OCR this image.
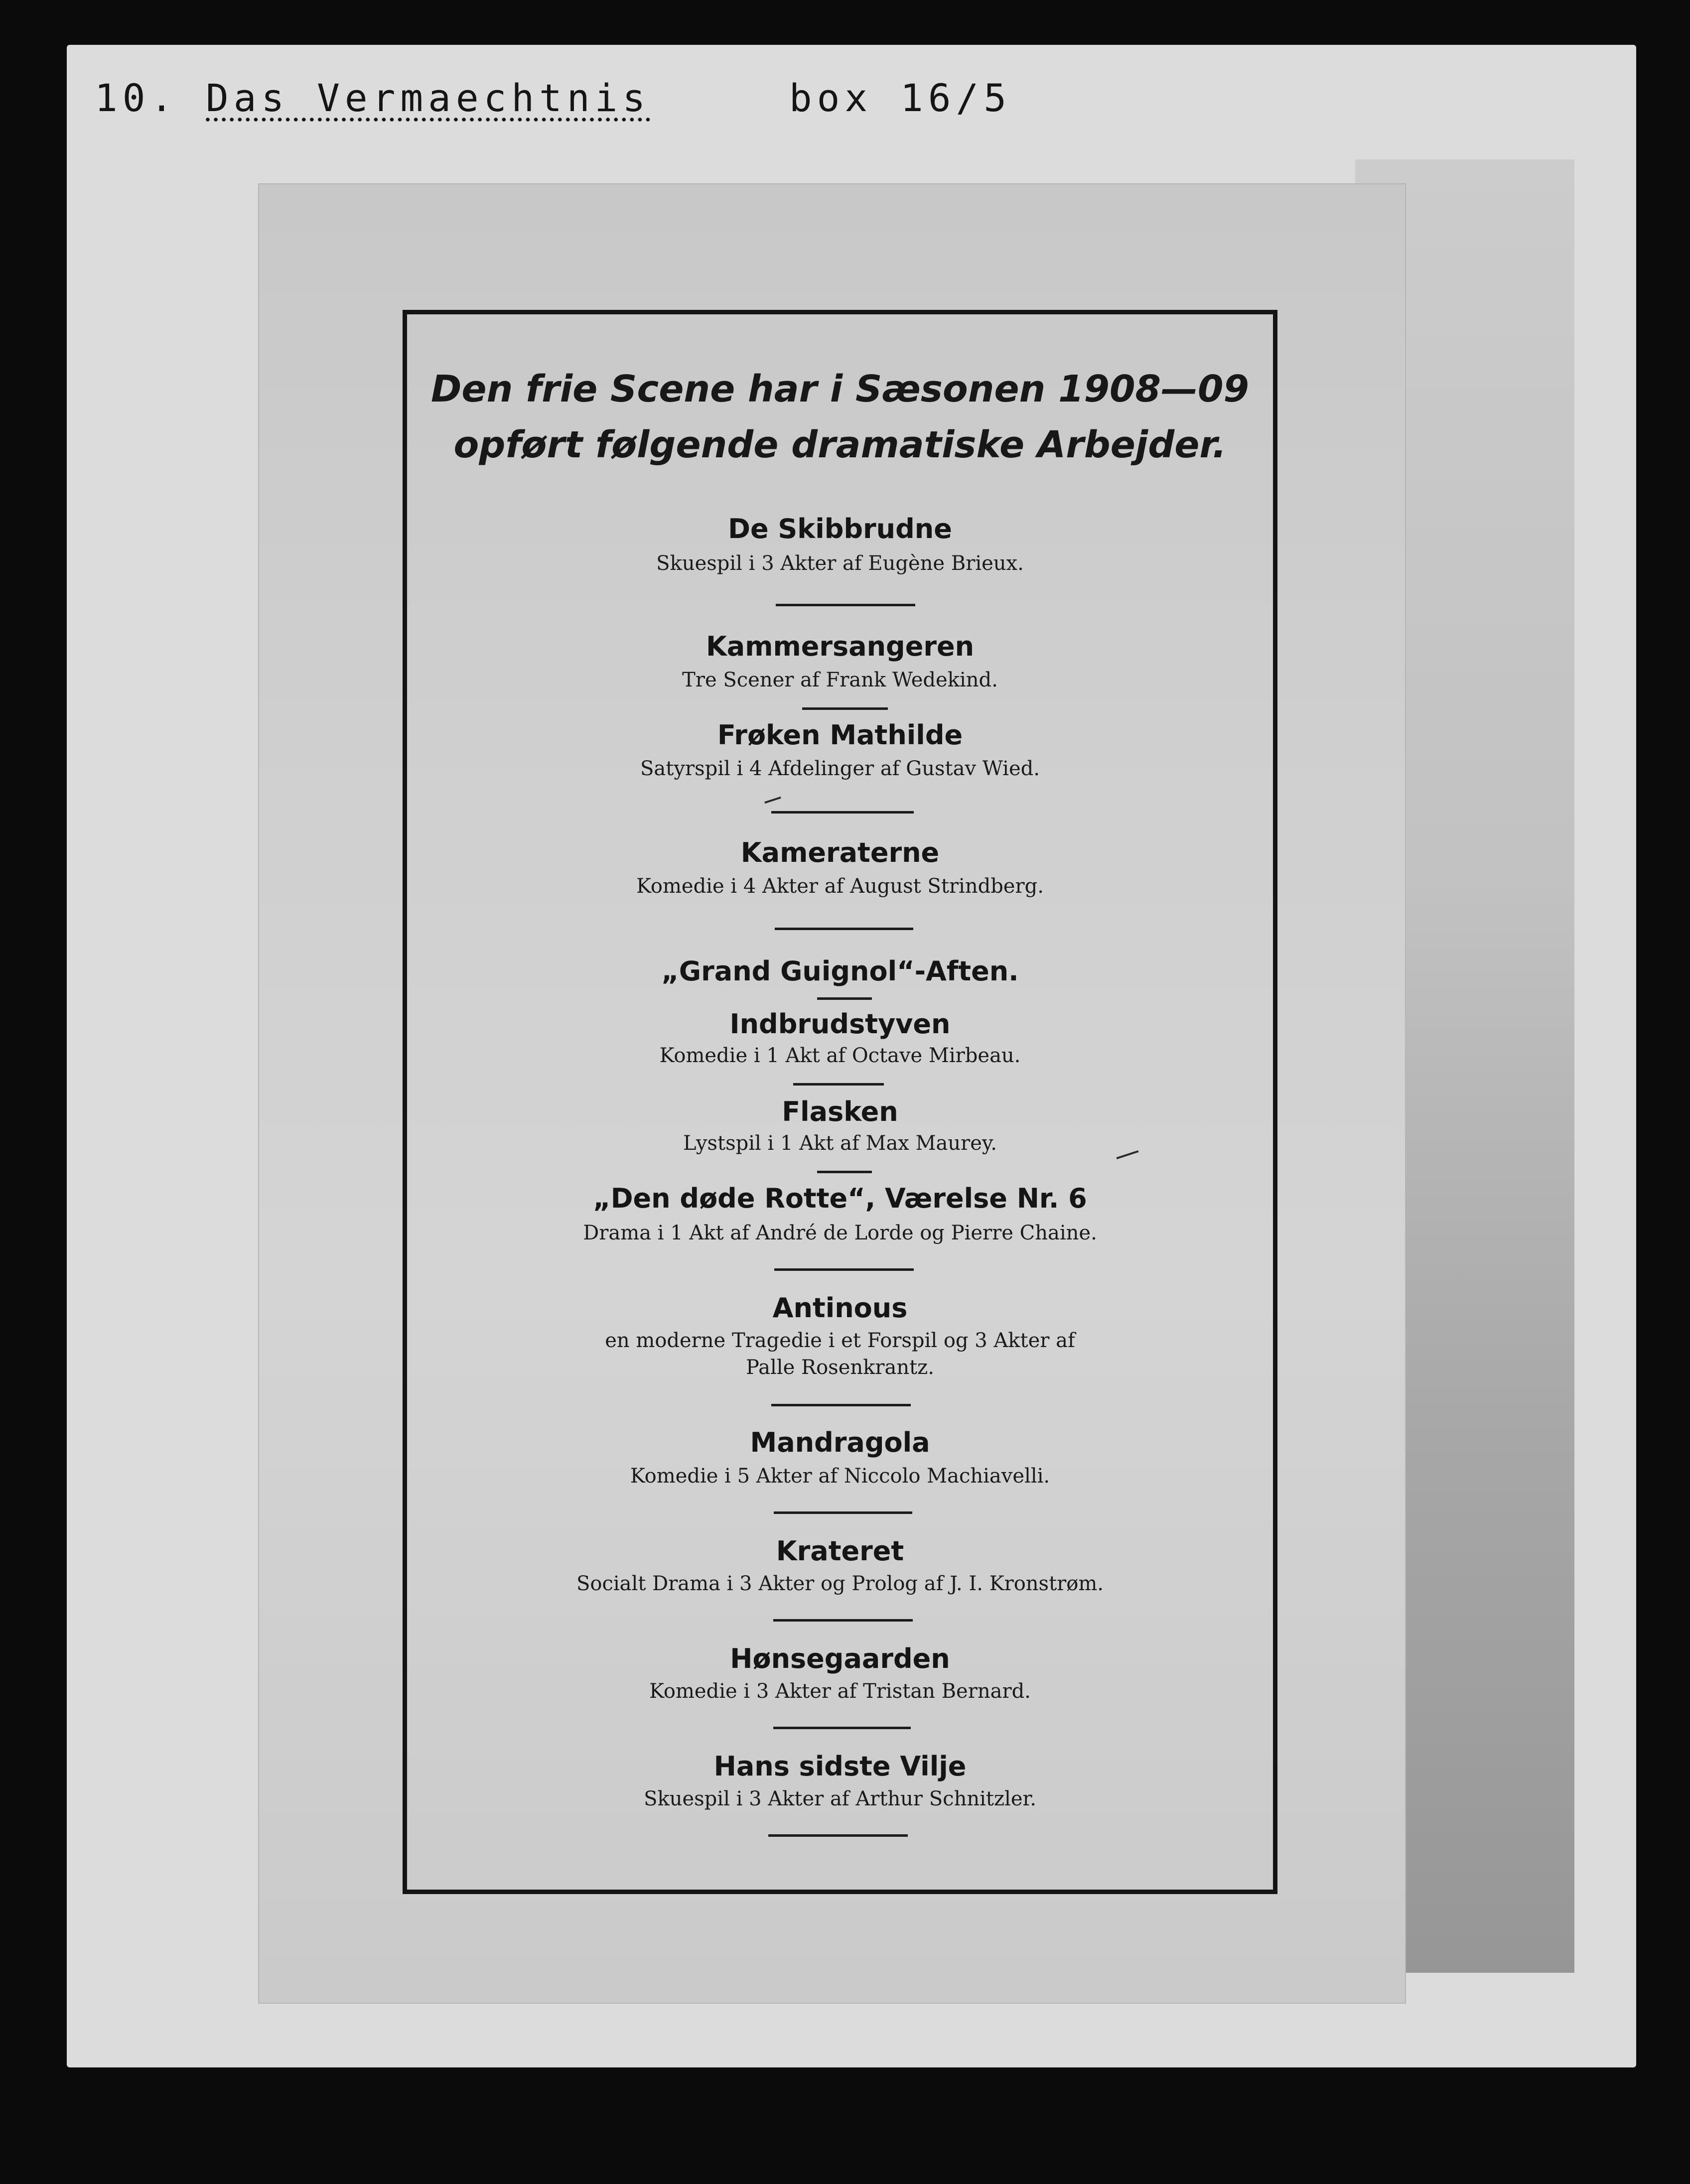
10. Das Vermaechtnis	box 16/5
Den frie Scene har i Sæsonen 1908—09
opført følgende dramatiske Arbejder.
De Skibbrudne
Skuespil i 3 Akter af Eugène Brieux.
Kammersangeren
Tre Scener af Frank Wedekind.
Frøken Mathilde
Satyrspil i 4 Afdelinger af Gustav Wied.
Kameraterne
Komedie i 4 Akter af August Strindberg.
„Grand Guignol“-Aften.
Indbrudstyven
Komedie i 1 Akt af Octave Mirbeau.
Flasken
Lystspil i 1 Akt af Max Maurey.
„Den døde Rotte“, Værelse Nr. 6
Drama i 1 Akt af André de Lorde og Pierre Chaine.
Antinous
en moderne Tragedie i et Forspil og 3 Akter af
Palle Rosenkrantz.
Mandragola
Komedie i 5 Akter af Niccolo Machiavelli.
Krateret
Socialt Drama i 3 Akter og Prolog af J. I. Kronstrøm.
Hønsegaarden
Komedie i 3 Akter af Tristan Bernard.
Hans sidste Vilje
Skuespil i 3 Akter af Arthur Schnitzler.
